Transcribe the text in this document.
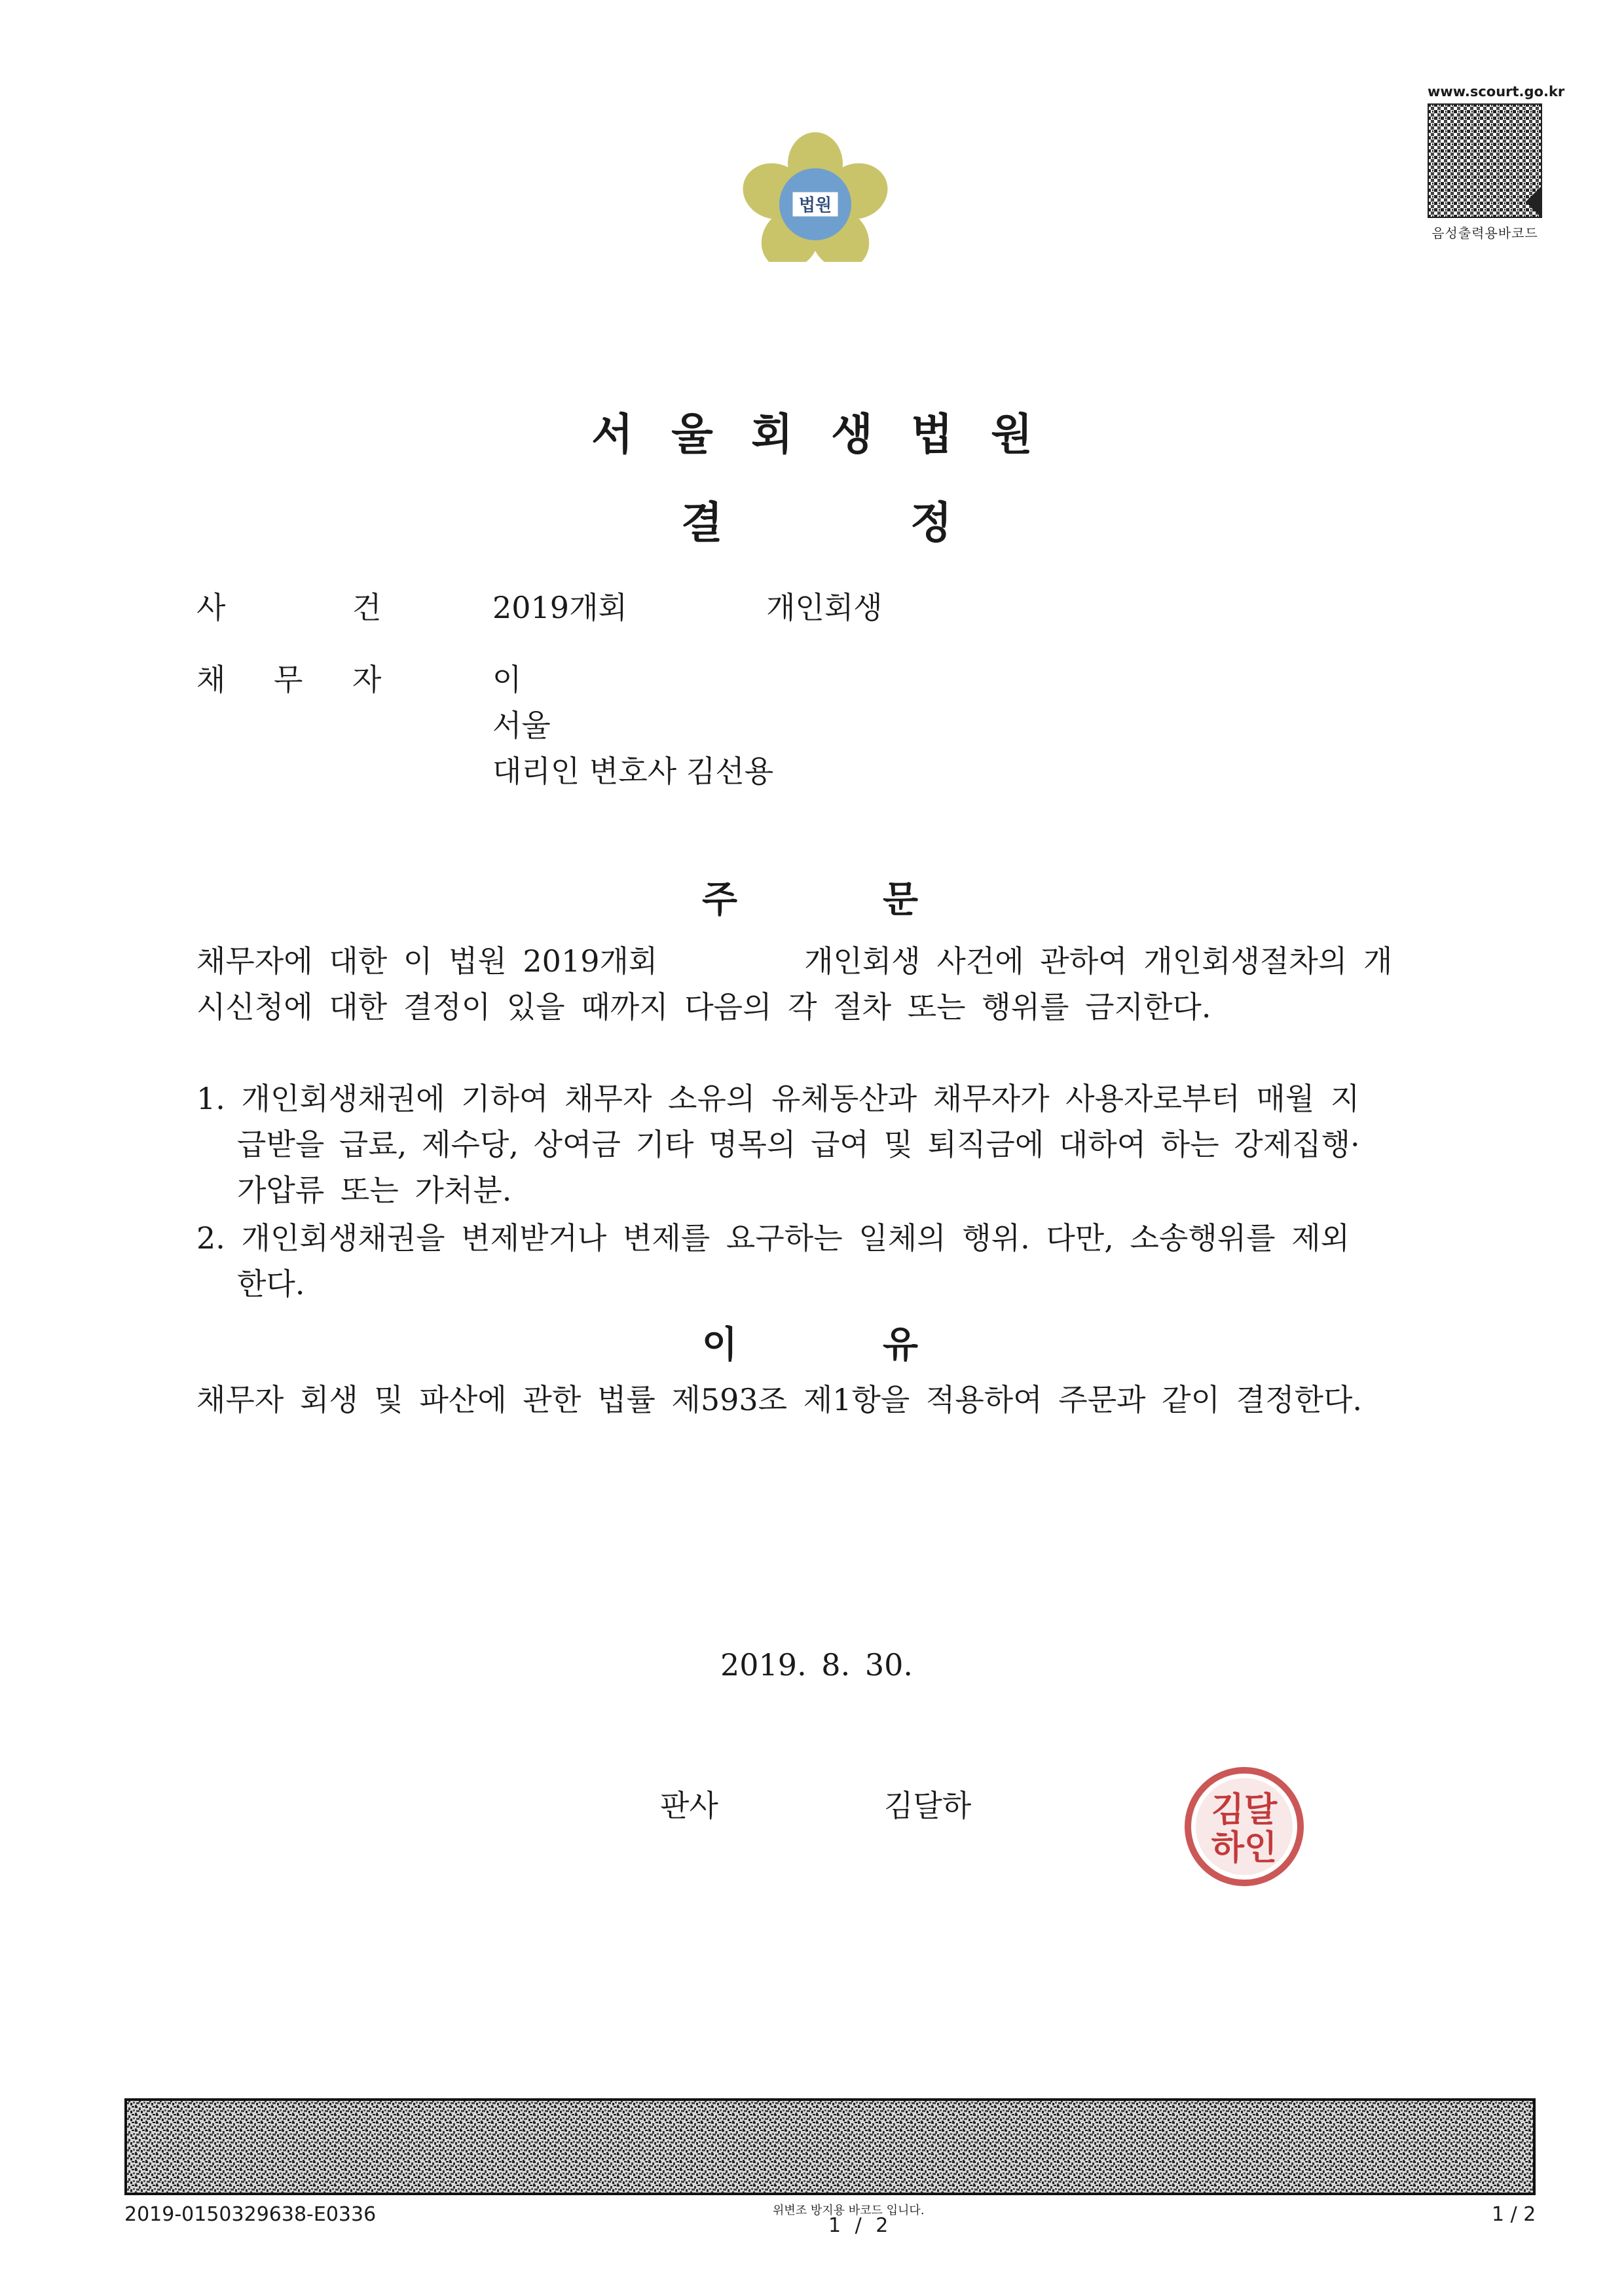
법원
www.scourt.go.kr
음성출력용바코드
서 울 회 생 법 원
결	정
사	건	2019개회	개인회생
채 무 자	이
서울
대리인 변호사 김선용
주	문
채무자에 대한 이 법원 2019개회	개인회생 사건에 관하여 개인회생절차의 개
시신청에 대한 결정이 있을 때까지 다음의 각 절차 또는 행위를 금지한다.
1. 개인회생채권에 기하여 채무자 소유의 유체동산과 채무자가 사용자로부터 매월 지
급받을 급료, 제수당, 상여금 기타 명목의 급여 및 퇴직금에 대하여 하는 강제집행·
가압류 또는 가처분.
2. 개인회생채권을 변제받거나 변제를 요구하는 일체의 행위. 다만, 소송행위를 제외
한다.
이	유
채무자 회생 및 파산에 관한 법률 제593조 제1항을 적용하여 주문과 같이 결정한다.
2019. 8. 30.
판사	김달하	김달
하인
2019-0150329638-E0336	위변조 방지용 바코드 입니다.
1 / 2	1 / 2
